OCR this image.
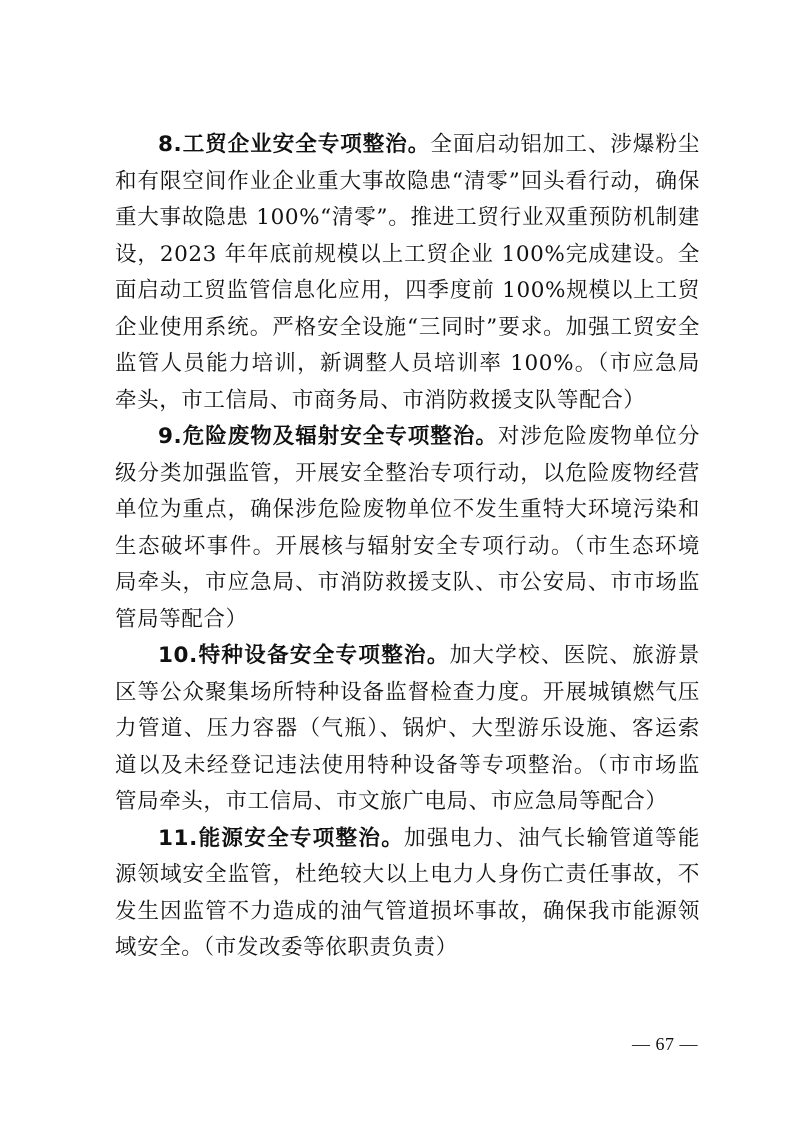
8.工贸企业安全专项整治。全面启动铝加工、涉爆粉尘和有限空间作业企业重大事故隐患“清零”回头看行动，确保重大事故隐患 100%“清零”。推进工贸行业双重预防机制建设，2023 年年底前规模以上工贸企业 100%完成建设。全面启动工贸监管信息化应用，四季度前 100%规模以上工贸企业使用系统。严格安全设施“三同时”要求。加强工贸安全监管人员能力培训，新调整人员培训率 100%。（市应急局牵头，市工信局、市商务局、市消防救援支队等配合）

9.危险废物及辐射安全专项整治。对涉危险废物单位分级分类加强监管，开展安全整治专项行动，以危险废物经营单位为重点，确保涉危险废物单位不发生重特大环境污染和生态破坏事件。开展核与辐射安全专项行动。（市生态环境局牵头，市应急局、市消防救援支队、市公安局、市市场监管局等配合）

10.特种设备安全专项整治。加大学校、医院、旅游景区等公众聚集场所特种设备监督检查力度。开展城镇燃气压力管道、压力容器（气瓶）、锅炉、大型游乐设施、客运索道以及未经登记违法使用特种设备等专项整治。（市市场监管局牵头，市工信局、市文旅广电局、市应急局等配合）

11.能源安全专项整治。加强电力、油气长输管道等能源领域安全监管，杜绝较大以上电力人身伤亡责任事故，不发生因监管不力造成的油气管道损坏事故，确保我市能源领域安全。（市发改委等依职责负责）

— 67 —
